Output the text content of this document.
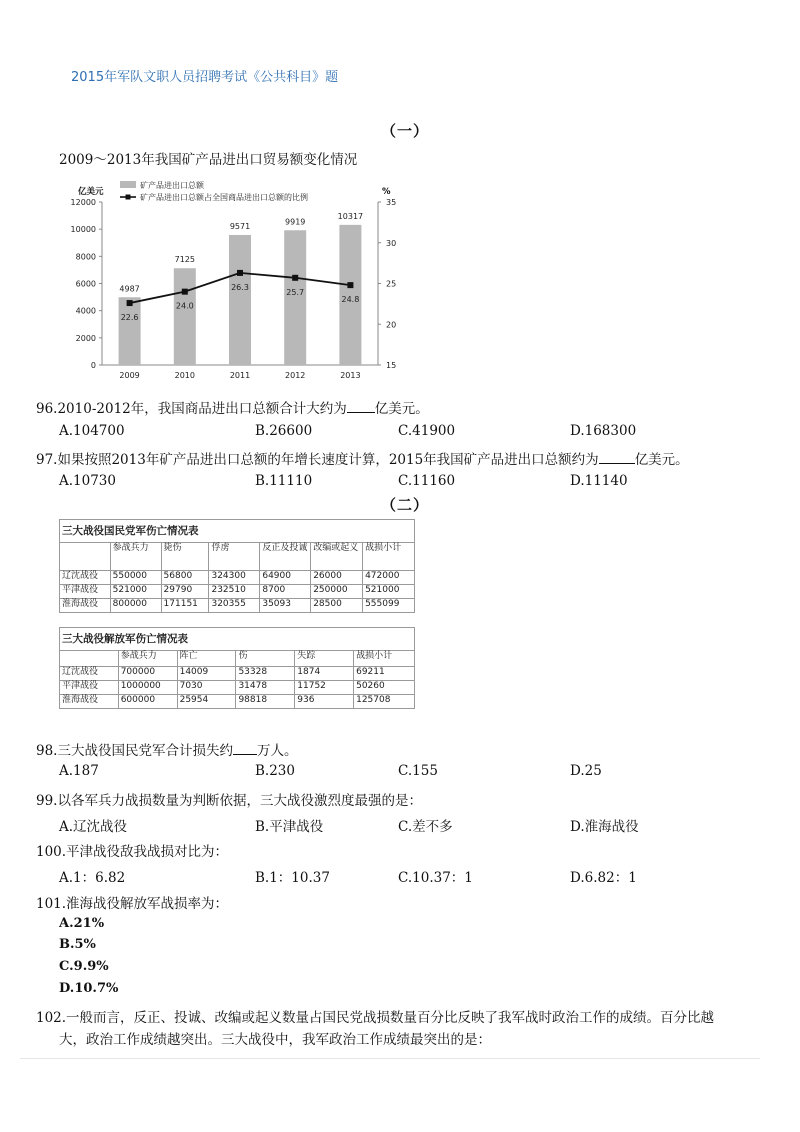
2015年军队文职人员招聘考试《公共科目》题
（一）
2009～2013年我国矿产品进出口贸易额变化情况
0
2000
4000
6000
8000
10000
12000
15
20
25
30
35
亿美元	%
4987
7125
9571
9919
10317
2009	2010	2011	2012	2013
22.6
24.0
26.3
25.7
24.8
矿产品进出口总额
矿产品进出口总额占全国商品进出口总额的比例
96.2010-2012年，我国商品进出口总额合计大约为 亿美元。
A.104700	B.26600	C.41900	D.168300
97.如果按照2013年矿产品进出口总额的年增长速度计算，2015年我国矿产品进出口总额约为	亿美元。
A.10730	B.11110	C.11160	D.11140
（二）
三大战役国民党军伤亡情况表						
	参战兵力	毙伤	俘虏	反正及投诚	改编或起义	战损小计
辽沈战役	550000	56800	324300	64900	26000	472000
平津战役	521000	29790	232510	8700	250000	521000
淮海战役	800000	171151	320355	35093	28500	555099
三大战役解放军伤亡情况表					
	参战兵力	阵亡	伤	失踪	战损小计
辽沈战役	700000	14009	53328	1874	69211
平津战役	1000000	7030	31478	11752	50260
淮海战役	600000	25954	98818	936	125708
98.三大战役国民党军合计损失约 万人。
A.187	B.230	C.155	D.25
99.以各军兵力战损数量为判断依据，三大战役激烈度最强的是：
A.辽沈战役	B.平津战役	C.差不多	D.淮海战役
100.平津战役敌我战损对比为：
A.1：6.82	B.1：10.37	C.10.37：1	D.6.82：1
101.淮海战役解放军战损率为：
A.21%
B.5%
C.9.9%
D.10.7%
102.一般而言，反正、投诚、改编或起义数量占国民党战损数量百分比反映了我军战时政治工作的成绩。百分比越
大，政治工作成绩越突出。三大战役中，我军政治工作成绩最突出的是：
